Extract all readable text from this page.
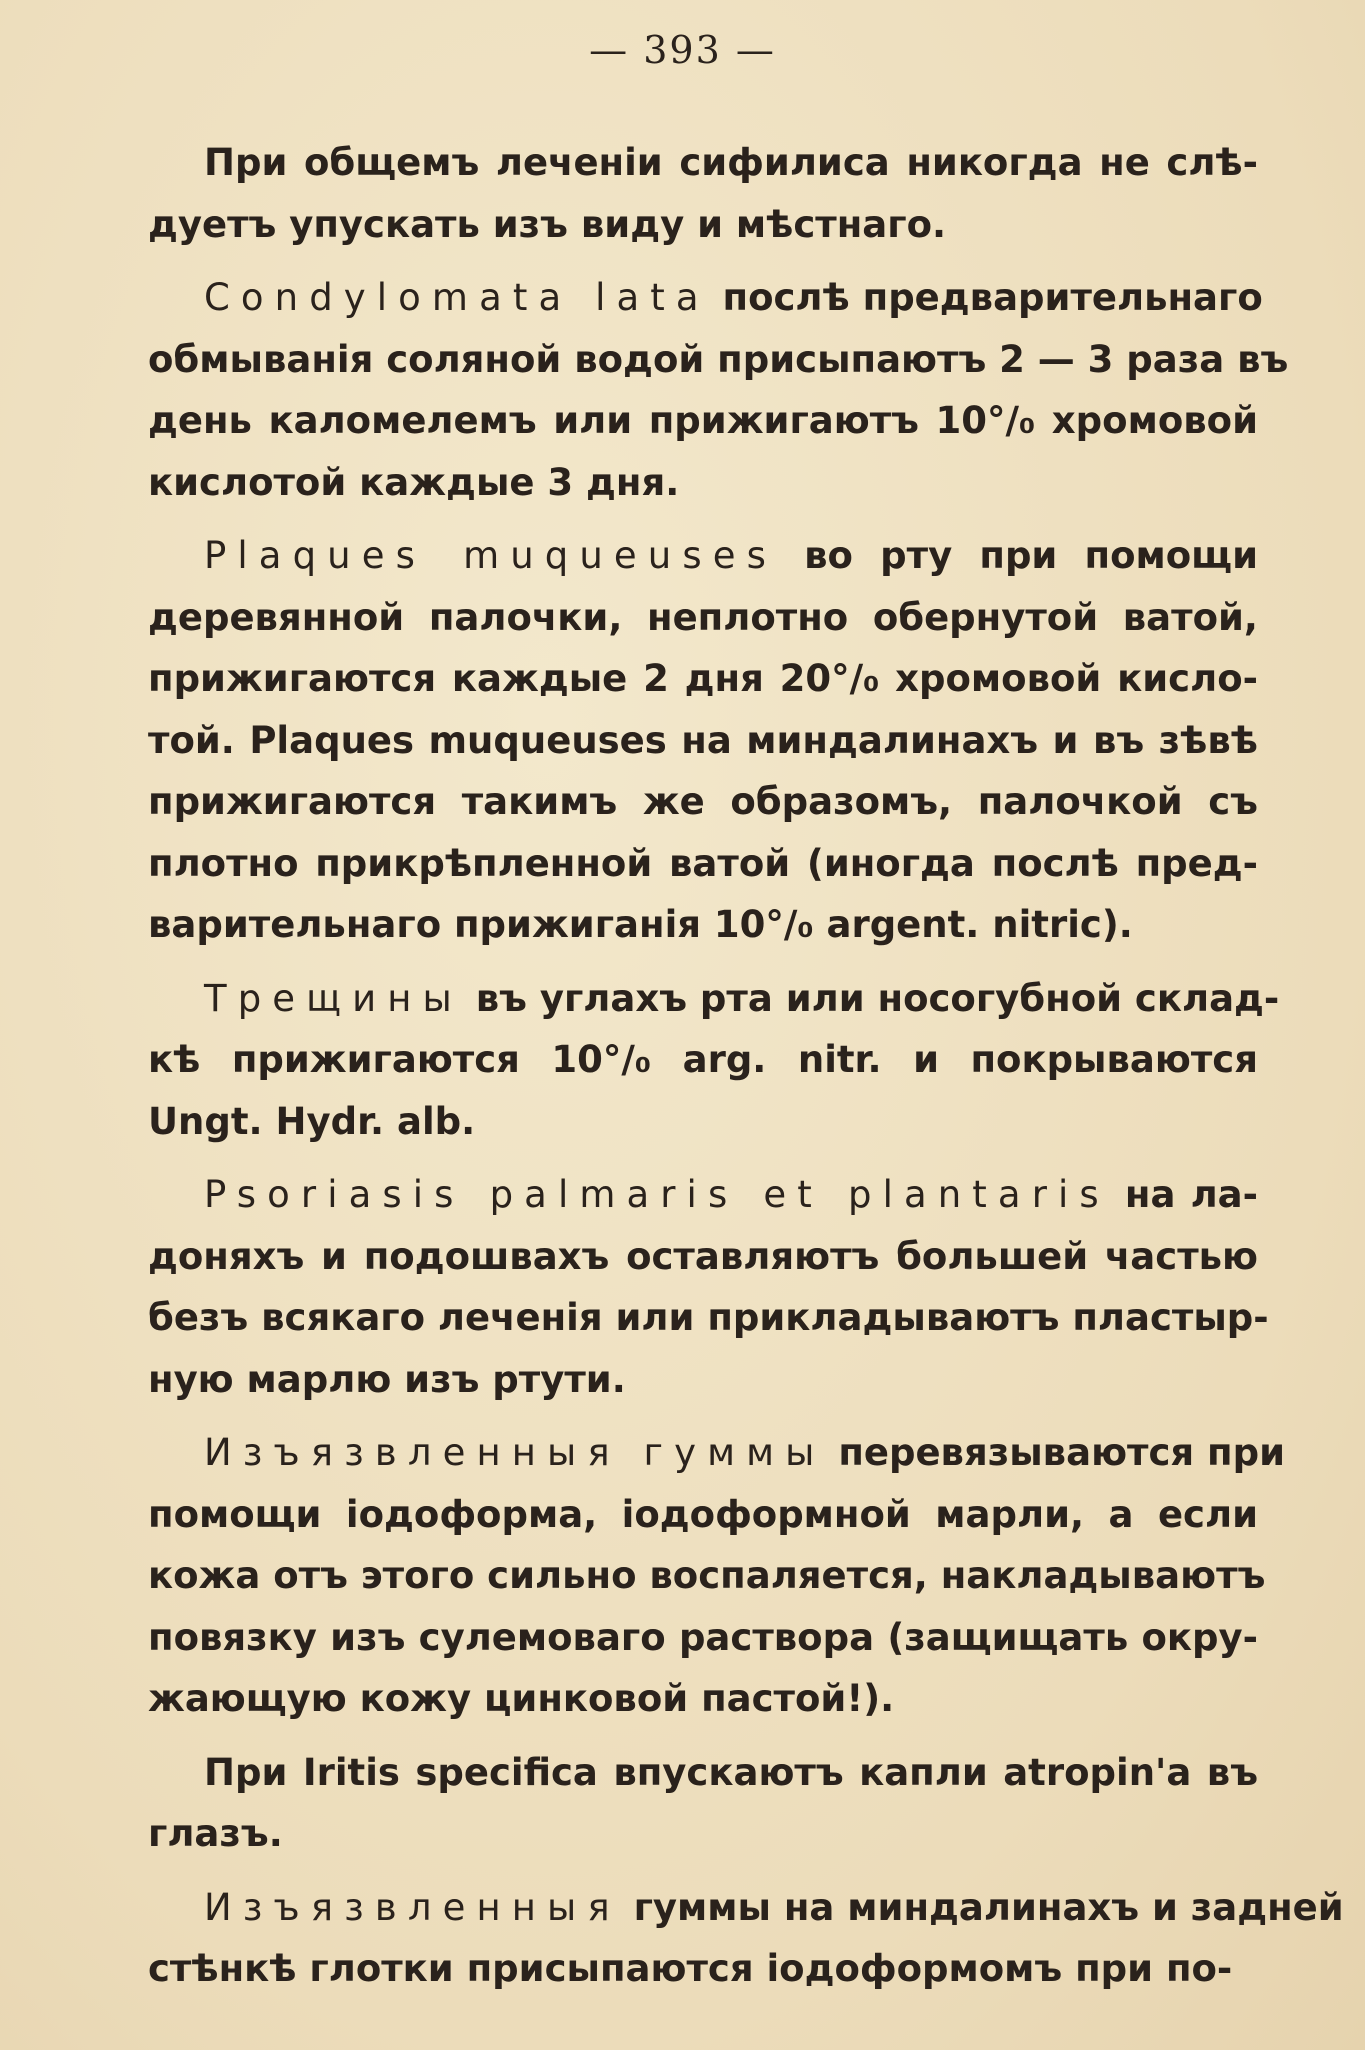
— 393 —
При общемъ леченіи сифилиса никогда не слѣ-
дуетъ упускать изъ виду и мѣстнаго.
Condylomata lata послѣ предварительнаго
обмыванія соляной водой присыпаютъ 2 — 3 раза въ
день каломелемъ или прижигаютъ 10°/₀ хромовой
кислотой каждые 3 дня.
Plaques muqueuses во рту при помощи
деревянной палочки, неплотно обернутой ватой,
прижигаются каждые 2 дня 20°/₀ хромовой кисло-
той. Plaques muqueuses на миндалинахъ и въ зѣвѣ
прижигаются такимъ же образомъ, палочкой съ
плотно прикрѣпленной ватой (иногда послѣ пред-
варительнаго прижиганія 10°/₀ argent. nitric).
Трещины въ углахъ рта или носогубной склад-
кѣ прижигаются 10°/₀ arg. nitr. и покрываются
Ungt. Hydr. alb.
Psoriasis palmaris et plantaris на ла-
доняхъ и подошвахъ оставляютъ большей частью
безъ всякаго леченія или прикладываютъ пластыр-
ную марлю изъ ртути.
Изъязвленныя гуммы перевязываются при
помощи іодоформа, іодоформной марли, а если
кожа отъ этого сильно воспаляется, накладываютъ
повязку изъ сулемоваго раствора (защищать окру-
жающую кожу цинковой пастой!).
При Iritis specifica впускаютъ капли atropin'a въ
глазъ.
Изъязвленныя гуммы на миндалинахъ и задней
стѣнкѣ глотки присыпаются іодоформомъ при по-
